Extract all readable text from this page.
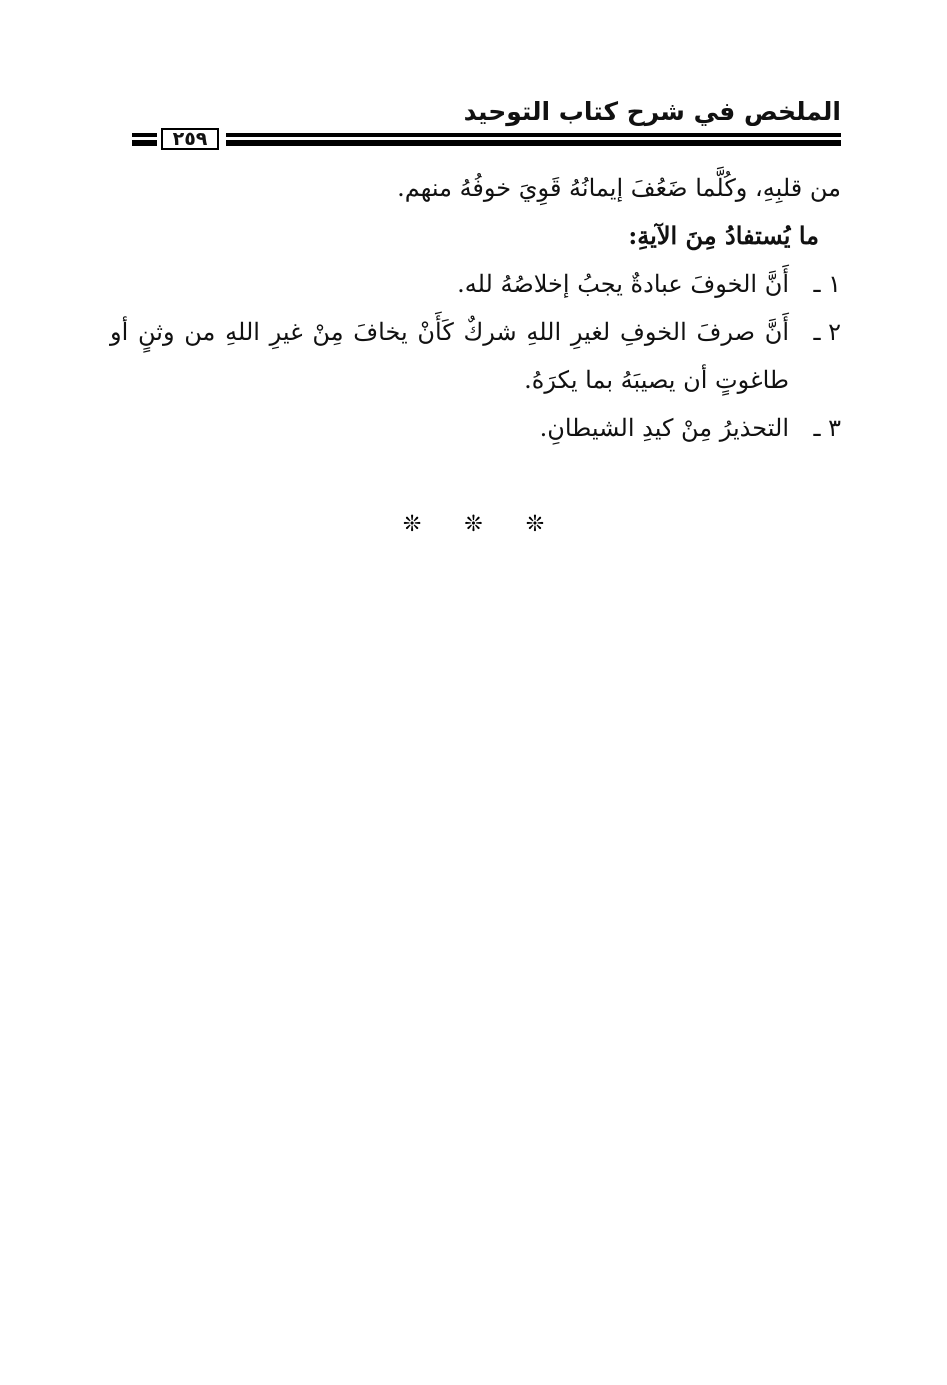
الملخص في شرح كتاب التوحيد
٢٥٩
من قلبِهِ، وكُلَّما ضَعُفَ إيمانُهُ قَوِيَ خوفُهُ منهم.
ما يُستفادُ مِنَ الآيةِ:
١ ـ
أَنَّ الخوفَ عبادةٌ يجبُ إخلاصُهُ لله.
٢ ـ
أَنَّ صرفَ الخوفِ لغيرِ اللهِ شركٌ كَأَنْ يخافَ مِنْ غيرِ اللهِ من وثنٍ أو
طاغوتٍ أن يصيبَهُ بما يكرَهُ.
٣ ـ
التحذيرُ مِنْ كيدِ الشيطانِ.
❊ ❊ ❊
